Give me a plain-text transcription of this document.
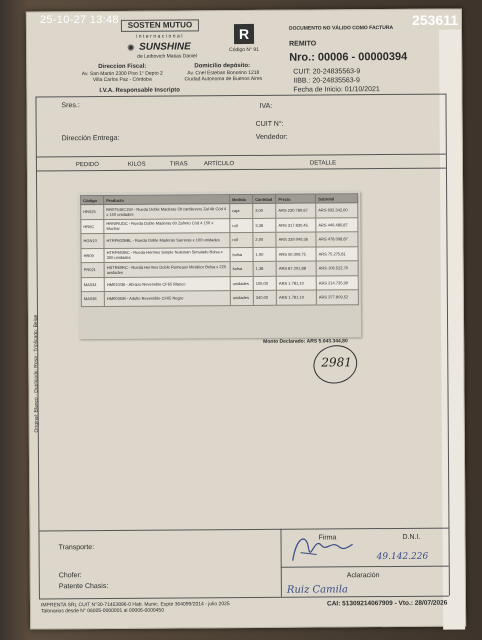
SOSTEN MUTUO
internacional
✺ SUNSHINE
de Leibovich Matias Daniel
Direccion Fiscal:
Av. San Martin 2300 Piso 1° Depto 2
Villa Carlos Paz - Córdoba
Domicilio depósito:
Av. Cnel Esteban Bonorino 1218
Ciudad Autonoma de Buenos Aires
I.V.A. Responsable Inscripto
R
Código N° 91
DOCUMENTO NO VÁLIDO COMO FACTURA
REMITO
Nro.: 00006 - 00000394
CUIT: 20-24835563-9
IIBB.: 20-24835563-9
Fecha de Inicio: 01/10/2021
Sres.:	IVA:
CUIT N°:
Dirección Entrega:	Vendedor:
PEDIDO	KILOS	TIRAS	ARTÍCULO	DETALLE
Código	Producto	Medida	Cantidad	Precio	Subtotal
HR025	RR07546C159 - Rueda Doble Maderas 5ft cantilevers Zal Alt Cód 4 x 150 unidades	caja	3,00	ARS 230.780,67	ARS 692.342,00
HR0C	HRN/RUDC - Rueda Doble Maderas 60 Zafreto Cód 4 150 x Mochar	roll	3,38	ARS 317.830,45	ARS 440.480,87
HGN10	HTRP602BBL - Rueda Doble Maderas Sarreras x 100 unidades	roll	2,00	ARS 239.049,36	ARS 478.098,87
HR09	HTRP602BC - Rueda Hermes Simple Nuleman Simulado Bolsa x 300 unidades	bolsa	1,00	ARS 50.309,75	ARS 75.275,81
PR021	HSTR60RC - Rueda Hermes Doble Rumeaux Metálico Bolsa x 225 unidades	bolsa	1,38	ARS 87.201,88	ARS 106.522,70
MA034	HM010/36 - Abrazo Reversible CF65 Blanco	unidades	100,00	ARS 1.781,10	ARS 214.735,90
MA036	HM0035/B - Adulto Reversible CF65 Negro	unidades	340,00	ARS 1.781,10	ARS 377.809,52
Monto Declarado: ARS 5.043.344,80
2981
Original: Blanco - Duplicado: Rosa - Triplicado: Beige
Transporte:
Chofer:
Patente Chasis:
Firma	D.N.I.
49.142.226
Aclaración
Ruiz Camila
IMPRENTA SRL CUIT N°30-71453896-0 Hab. Munic. Expte 364099/2014 - julio 2025
Talonarios desde N° 06005-0000001 al 00006-0000450
CAI: 51309214067909 - Vto.: 28/07/2026
25-10-27 13:48	253611
